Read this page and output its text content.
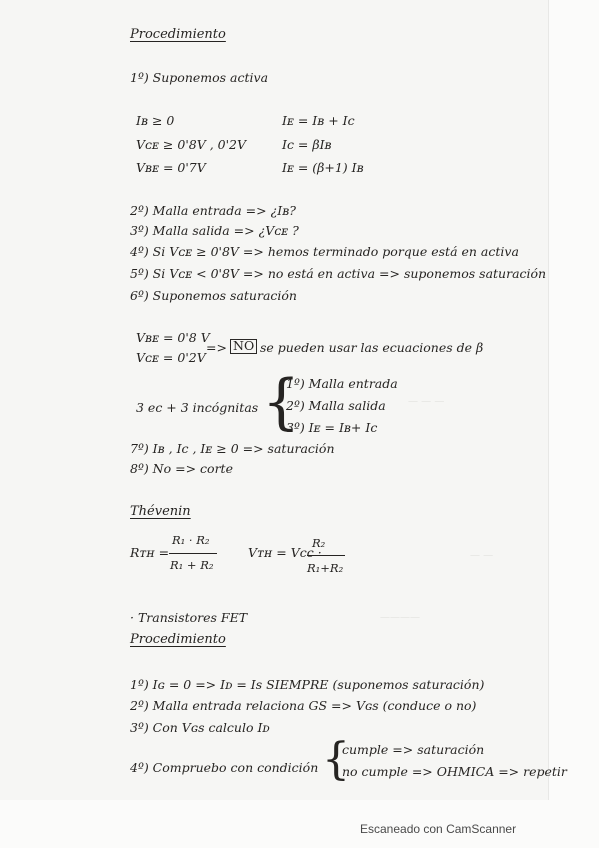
— — —
— —
————
Procedimiento
1º) Suponemos activa
Iʙ ≥ 0
Vᴄᴇ ≥ 0'8V , 0'2V
Vʙᴇ = 0'7V
Iᴇ = Iʙ + Ic
Ic = βIʙ
Iᴇ = (β+1) Iʙ
2º) Malla entrada => ¿Iʙ?
3º) Malla salida => ¿Vᴄᴇ ?
4º) Si Vᴄᴇ ≥ 0'8V => hemos terminado porque está en activa
5º) Si Vᴄᴇ < 0'8V => no está en activa => suponemos saturación
6º) Suponemos saturación
Vʙᴇ = 0'8 V
Vᴄᴇ = 0'2V
=> NO se pueden usar las ecuaciones de β
3 ec + 3 incógnitas {
1º) Malla entrada
2º) Malla salida
3º) Iᴇ = Iʙ+ Ic
7º) Iʙ , Ic , Iᴇ ≥ 0 => saturación
8º) No => corte
Thévenin
Rᴛʜ =
R₁ · R₂
R₁ + R₂
Vᴛʜ = Vcc ·
R₂
R₁+R₂
· Transistores FET
Procedimiento
1º) Iɢ = 0 => Iᴅ = Is SIEMPRE (suponemos saturación)
2º) Malla entrada relaciona GS => Vɢs (conduce o no)
3º) Con Vɢs calculo Iᴅ
4º) Compruebo con condición {
cumple => saturación
no cumple => OHMICA => repetir
Escaneado con CamScanner
